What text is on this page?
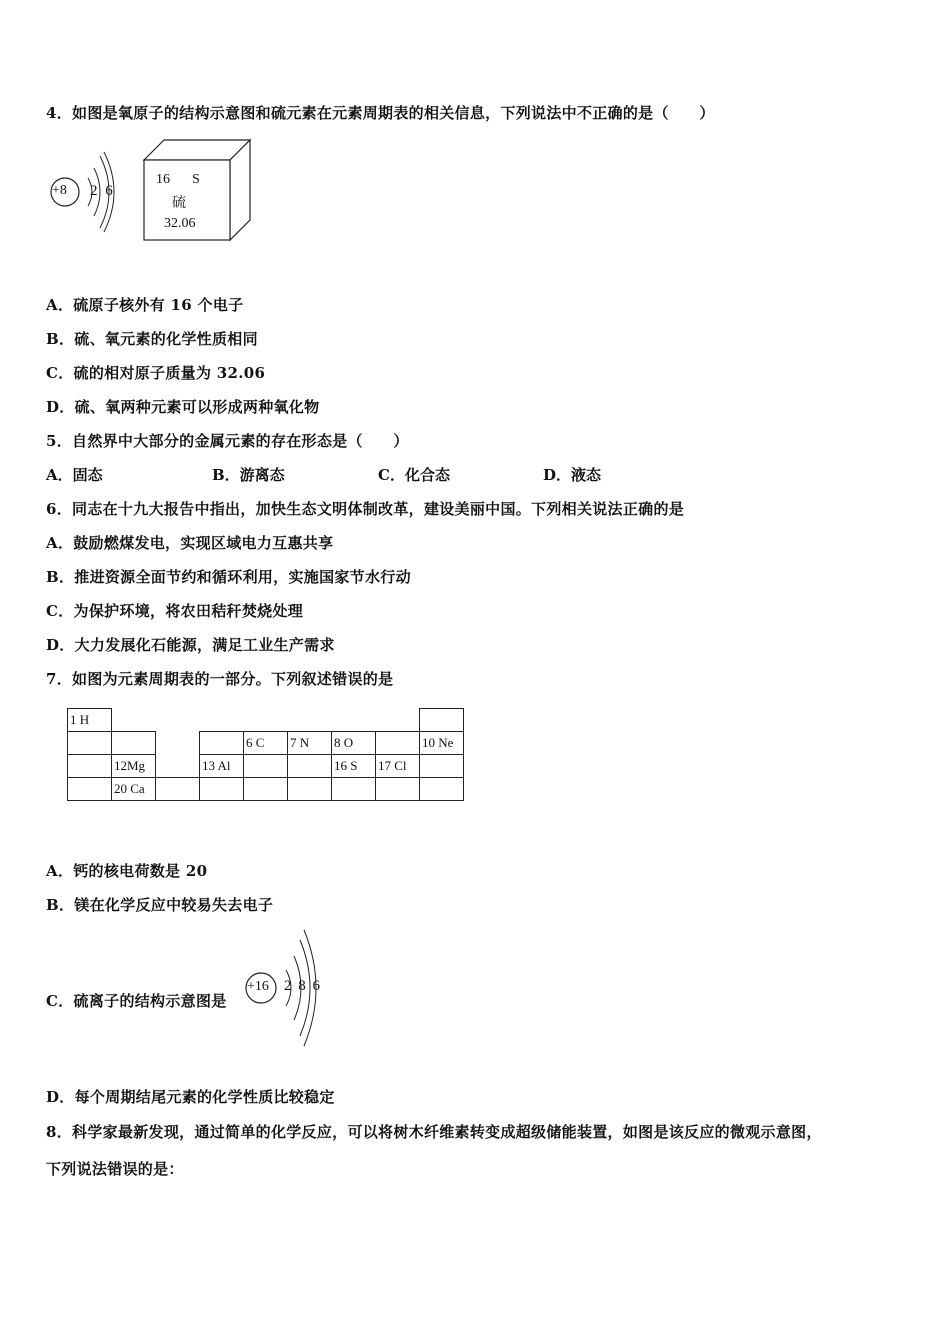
4．如图是氧原子的结构示意图和硫元素在元素周期表的相关信息，下列说法中不正确的是（　　）
+8 2 6
16 S
硫
32.06
A．硫原子核外有 16 个电子
B．硫、氧元素的化学性质相同
C．硫的相对原子质量为 32.06
D．硫、氧两种元素可以形成两种氧化物
5．自然界中大部分的金属元素的存在形态是（　　）
A．固态	B．游离态	C．化合态	D．液态
6．同志在十九大报告中指出，加快生态文明体制改革，建设美丽中国。下列相关说法正确的是
A．鼓励燃煤发电，实现区域电力互惠共享
B．推进资源全面节约和循环利用，实施国家节水行动
C．为保护环境，将农田秸秆焚烧处理
D．大力发展化石能源，满足工业生产需求
7．如图为元素周期表的一部分。下列叙述错误的是
1 H								
				6 C	7 N	8 O		10 Ne
	12Mg		13 Al			16 S	17 Cl	
	20 Ca							
A．钙的核电荷数是 20
B．镁在化学反应中较易失去电子
C．硫离子的结构示意图是
+16 2 8 6
D．每个周期结尾元素的化学性质比较稳定
8．科学家最新发现，通过简单的化学反应，可以将树木纤维素转变成超级储能装置，如图是该反应的微观示意图，
下列说法错误的是：
